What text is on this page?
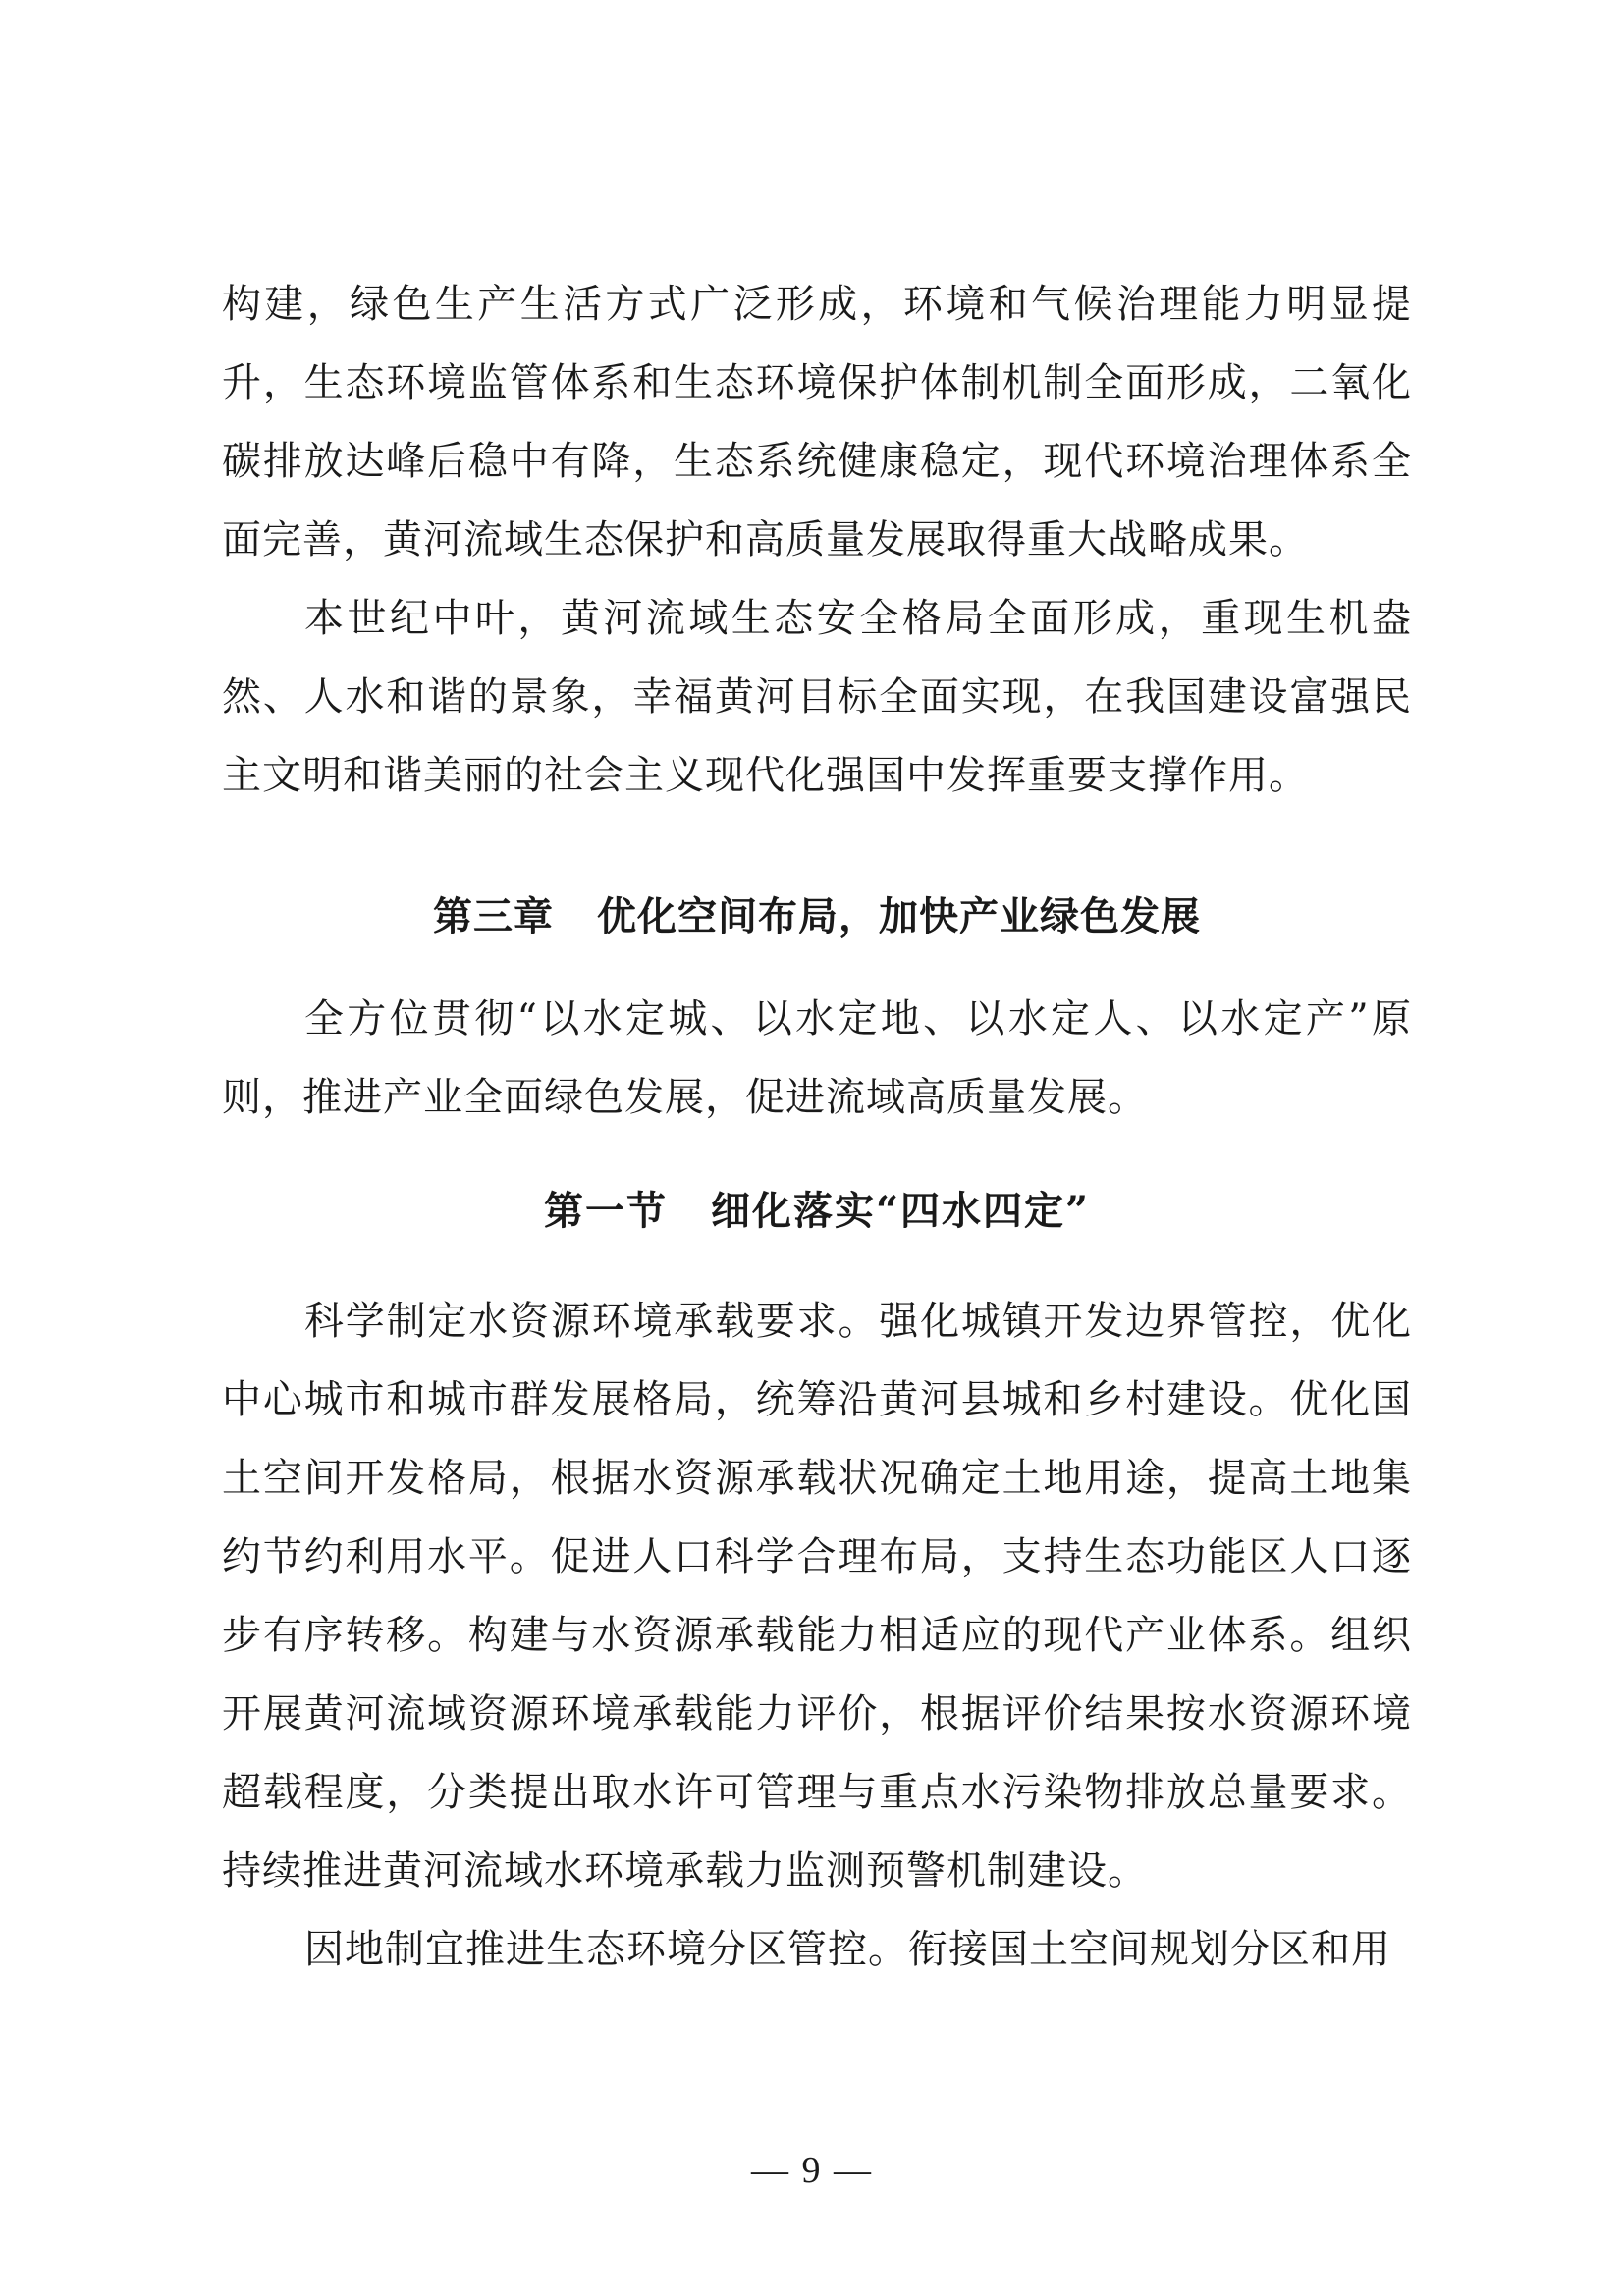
构建，绿色生产生活方式广泛形成，环境和气候治理能力明显提升，生态环境监管体系和生态环境保护体制机制全面形成，二氧化碳排放达峰后稳中有降，生态系统健康稳定，现代环境治理体系全面完善，黄河流域生态保护和高质量发展取得重大战略成果。

本世纪中叶，黄河流域生态安全格局全面形成，重现生机盎然、人水和谐的景象，幸福黄河目标全面实现，在我国建设富强民主文明和谐美丽的社会主义现代化强国中发挥重要支撑作用。

第三章 优化空间布局，加快产业绿色发展

全方位贯彻“以水定城、以水定地、以水定人、以水定产”原则，推进产业全面绿色发展，促进流域高质量发展。

第一节 细化落实“四水四定”

科学制定水资源环境承载要求。强化城镇开发边界管控，优化中心城市和城市群发展格局，统筹沿黄河县城和乡村建设。优化国土空间开发格局，根据水资源承载状况确定土地用途，提高土地集约节约利用水平。促进人口科学合理布局，支持生态功能区人口逐步有序转移。构建与水资源承载能力相适应的现代产业体系。组织开展黄河流域资源环境承载能力评价，根据评价结果按水资源环境超载程度，分类提出取水许可管理与重点水污染物排放总量要求。持续推进黄河流域水环境承载力监测预警机制建设。

因地制宜推进生态环境分区管控。衔接国土空间规划分区和用

— 9 —
